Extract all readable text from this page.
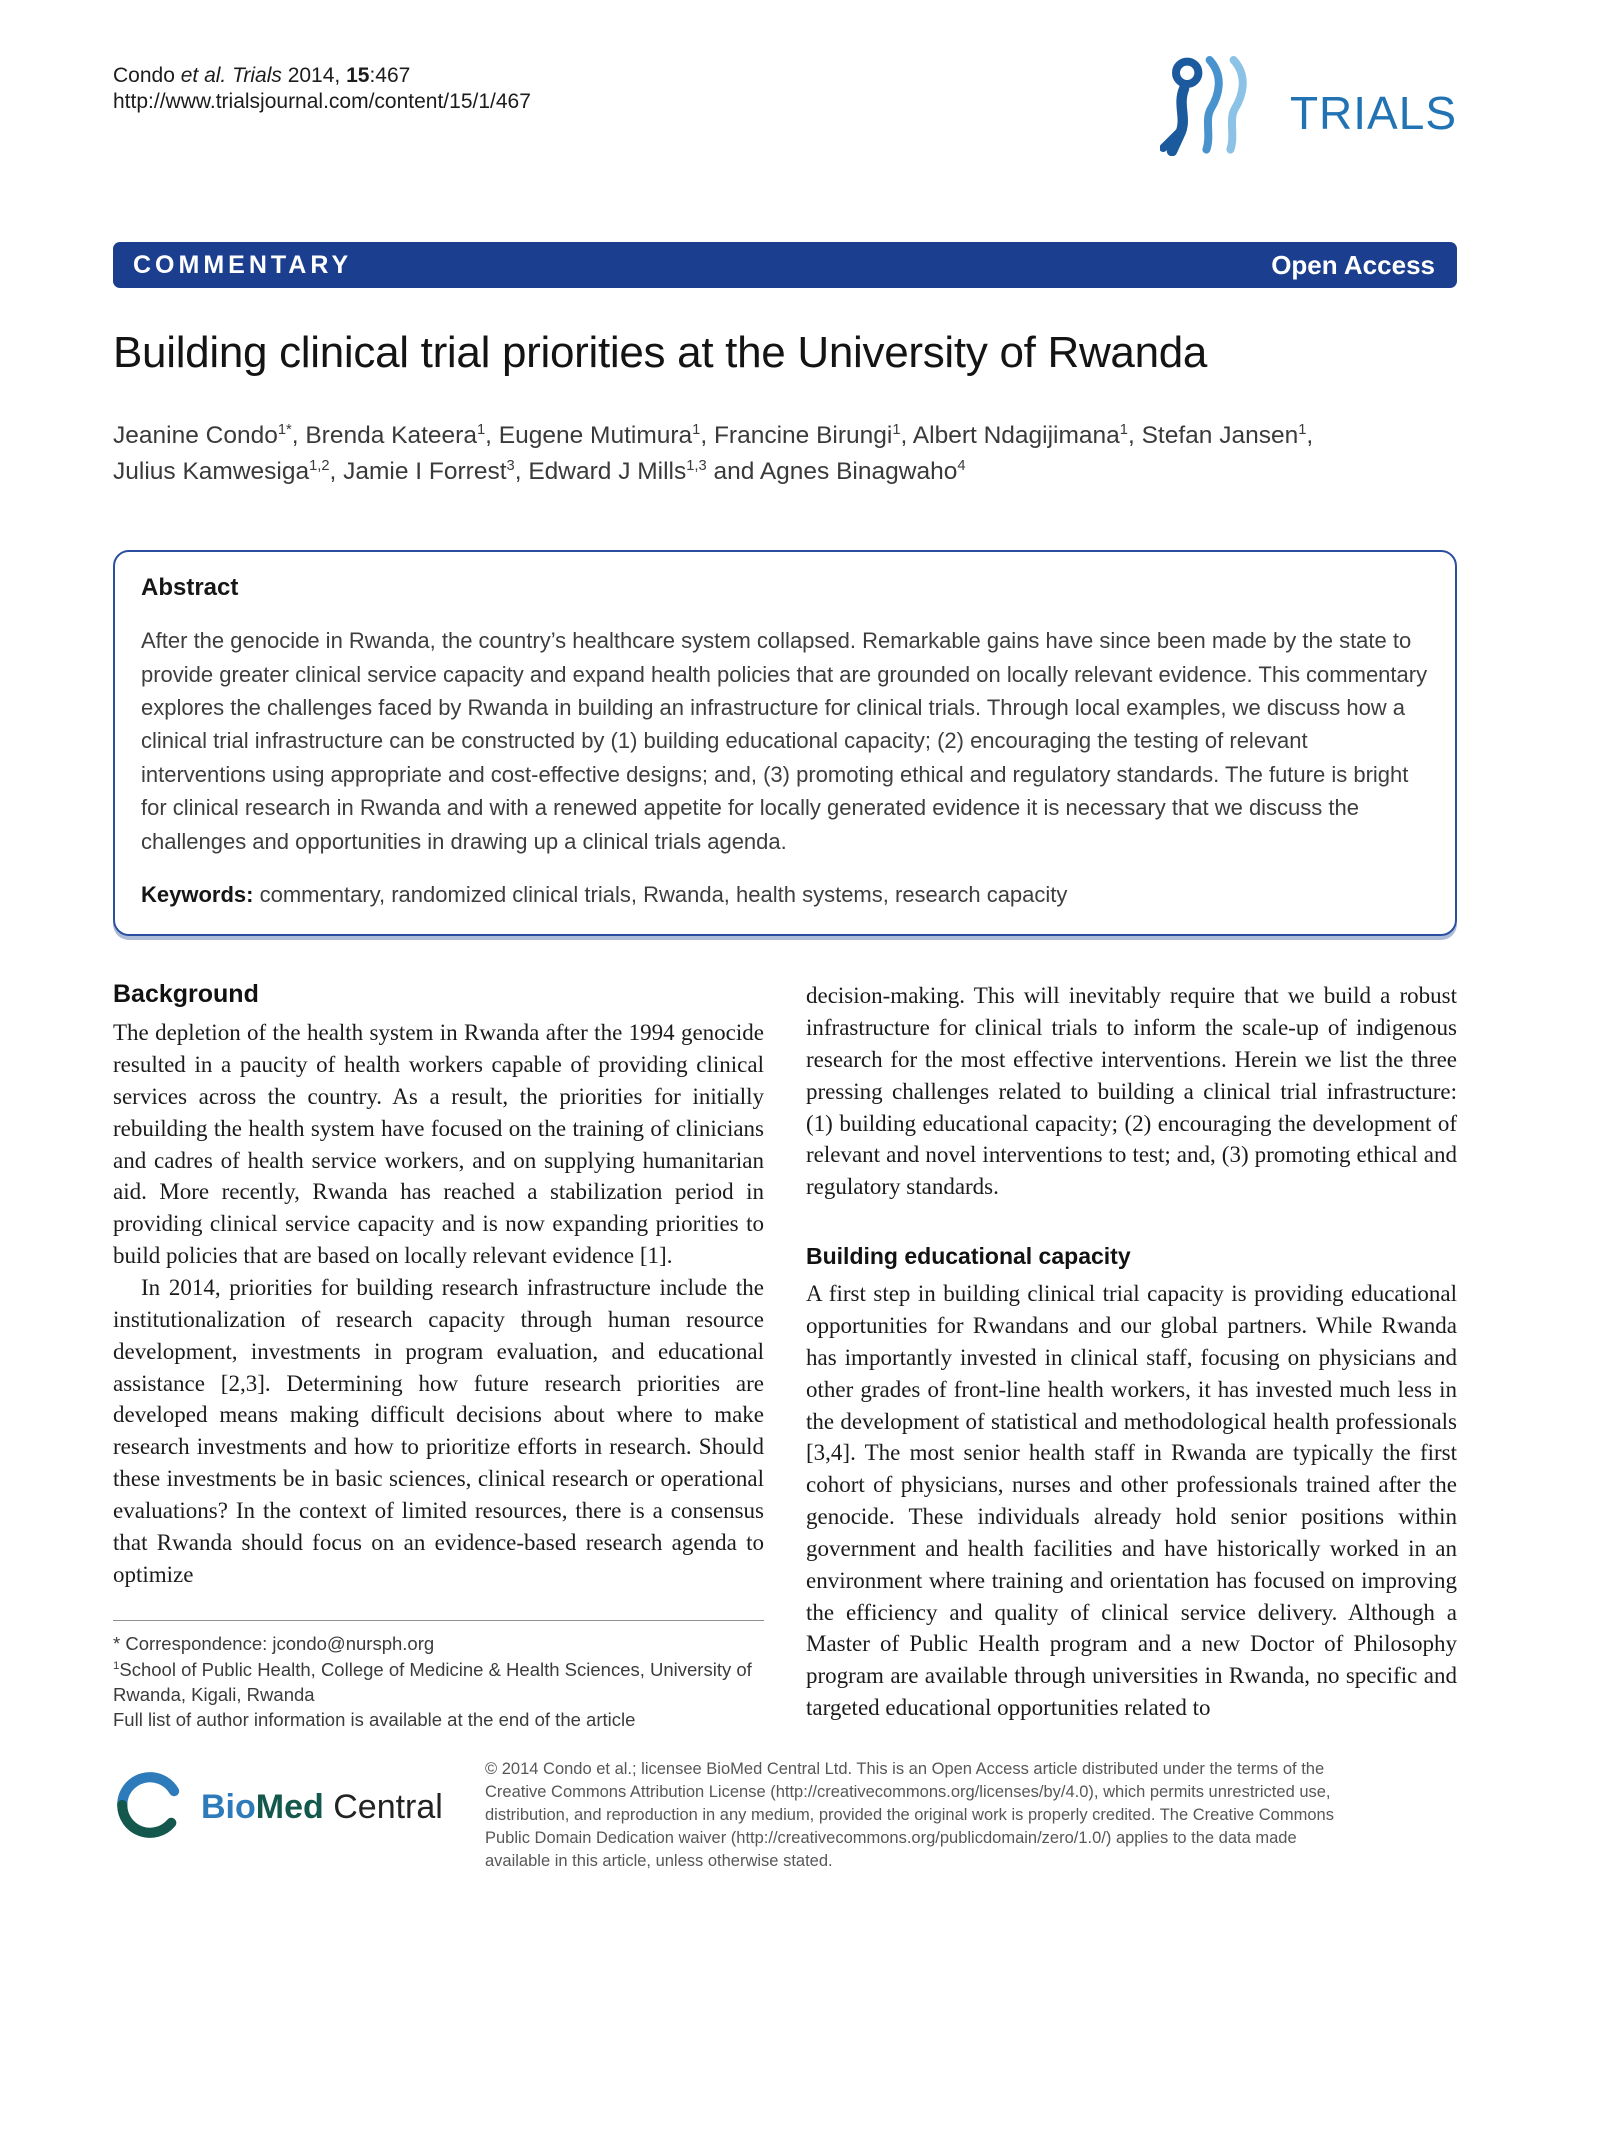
Condo et al. Trials 2014, 15:467
http://www.trialsjournal.com/content/15/1/467	TRIALS
COMMENTARY	Open Access
Building clinical trial priorities at the University of Rwanda

Jeanine Condo$^{1*}$, Brenda Kateera$^1$, Eugene Mutimura$^1$, Francine Birungi$^1$, Albert Ndagijimana$^1$, Stefan Jansen$^1$, Julius Kamwesiga$^{1,2}$, Jamie I Forrest$^3$, Edward J Mills$^{1,3}$ and Agnes Binagwaho$^4$

Abstract

After the genocide in Rwanda, the country’s healthcare system collapsed. Remarkable gains have since been made by the state to provide greater clinical service capacity and expand health policies that are grounded on locally relevant evidence. This commentary explores the challenges faced by Rwanda in building an infrastructure for clinical trials. Through local examples, we discuss how a clinical trial infrastructure can be constructed by (1) building educational capacity; (2) encouraging the testing of relevant interventions using appropriate and cost-effective designs; and, (3) promoting ethical and regulatory standards. The future is bright for clinical research in Rwanda and with a renewed appetite for locally generated evidence it is necessary that we discuss the challenges and opportunities in drawing up a clinical trials agenda.

Keywords: commentary, randomized clinical trials, Rwanda, health systems, research capacity

Background

The depletion of the health system in Rwanda after the 1994 genocide resulted in a paucity of health workers capable of providing clinical services across the country. As a result, the priorities for initially rebuilding the health system have focused on the training of clinicians and cadres of health service workers, and on supplying humanitarian aid. More recently, Rwanda has reached a stabilization period in providing clinical service capacity and is now expanding priorities to build policies that are based on locally relevant evidence [1].

In 2014, priorities for building research infrastructure include the institutionalization of research capacity through human resource development, investments in program evaluation, and educational assistance [2,3]. Determining how future research priorities are developed means making difficult decisions about where to make research investments and how to prioritize efforts in research. Should these investments be in basic sciences, clinical research or operational evaluations? In the context of limited resources, there is a consensus that Rwanda should focus on an evidence-based research agenda to optimize

* Correspondence: jcondo@nursph.org
$^1$School of Public Health, College of Medicine & Health Sciences, University of Rwanda, Kigali, Rwanda
Full list of author information is available at the end of the article

decision-making. This will inevitably require that we build a robust infrastructure for clinical trials to inform the scale-up of indigenous research for the most effective interventions. Herein we list the three pressing challenges related to building a clinical trial infrastructure: (1) building educational capacity; (2) encouraging the development of relevant and novel interventions to test; and, (3) promoting ethical and regulatory standards.

Building educational capacity

A first step in building clinical trial capacity is providing educational opportunities for Rwandans and our global partners. While Rwanda has importantly invested in clinical staff, focusing on physicians and other grades of front-line health workers, it has invested much less in the development of statistical and methodological health professionals [3,4]. The most senior health staff in Rwanda are typically the first cohort of physicians, nurses and other professionals trained after the genocide. These individuals already hold senior positions within government and health facilities and have historically worked in an environment where training and orientation has focused on improving the efficiency and quality of clinical service delivery. Although a Master of Public Health program and a new Doctor of Philosophy program are available through universities in Rwanda, no specific and targeted educational opportunities related to

BioMed Central

© 2014 Condo et al.; licensee BioMed Central Ltd. This is an Open Access article distributed under the terms of the Creative Commons Attribution License (http://creativecommons.org/licenses/by/4.0), which permits unrestricted use, distribution, and reproduction in any medium, provided the original work is properly credited. The Creative Commons Public Domain Dedication waiver (http://creativecommons.org/publicdomain/zero/1.0/) applies to the data made available in this article, unless otherwise stated.
